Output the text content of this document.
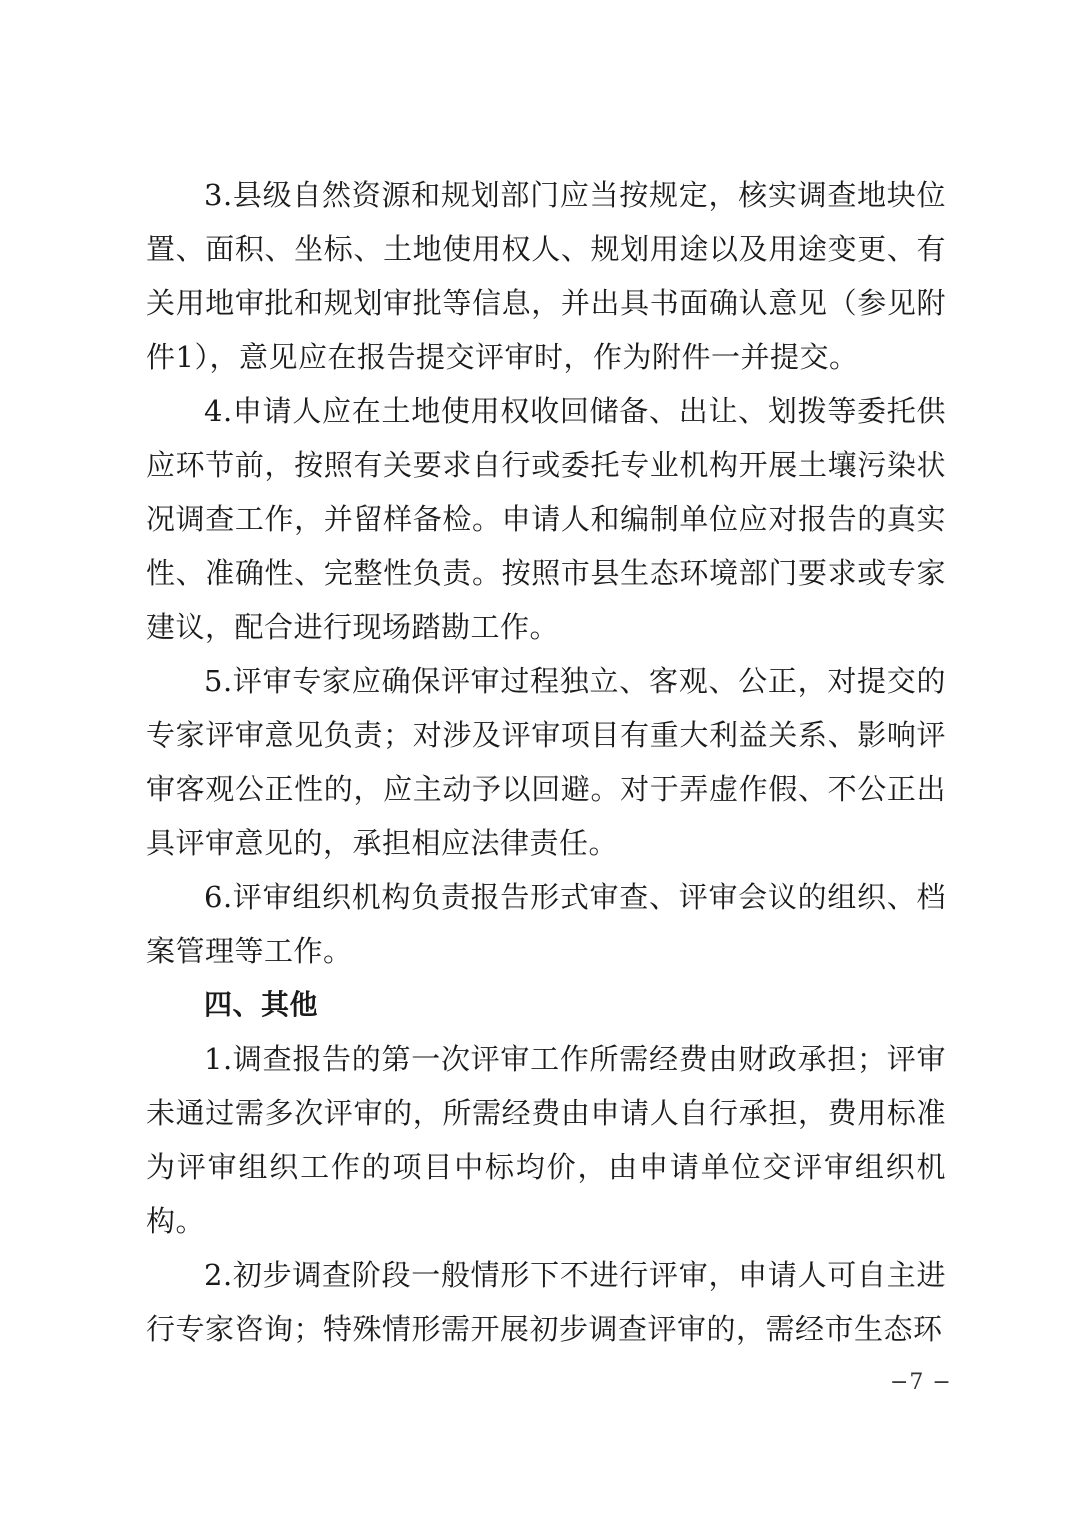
3.县级自然资源和规划部门应当按规定，核实调查地块位置、面积、坐标、土地使用权人、规划用途以及用途变更、有关用地审批和规划审批等信息，并出具书面确认意见（参见附件1），意见应在报告提交评审时，作为附件一并提交。

4.申请人应在土地使用权收回储备、出让、划拨等委托供应环节前，按照有关要求自行或委托专业机构开展土壤污染状况调查工作，并留样备检。申请人和编制单位应对报告的真实性、准确性、完整性负责。按照市县生态环境部门要求或专家建议，配合进行现场踏勘工作。

5.评审专家应确保评审过程独立、客观、公正，对提交的专家评审意见负责；对涉及评审项目有重大利益关系、影响评审客观公正性的，应主动予以回避。对于弄虚作假、不公正出具评审意见的，承担相应法律责任。

6.评审组织机构负责报告形式审查、评审会议的组织、档案管理等工作。

四、其他

1.调查报告的第一次评审工作所需经费由财政承担；评审未通过需多次评审的，所需经费由申请人自行承担，费用标准为评审组织工作的项目中标均价，由申请单位交评审组织机构。

2.初步调查阶段一般情形下不进行评审，申请人可自主进行专家咨询；特殊情形需开展初步调查评审的，需经市生态环

−7 −
